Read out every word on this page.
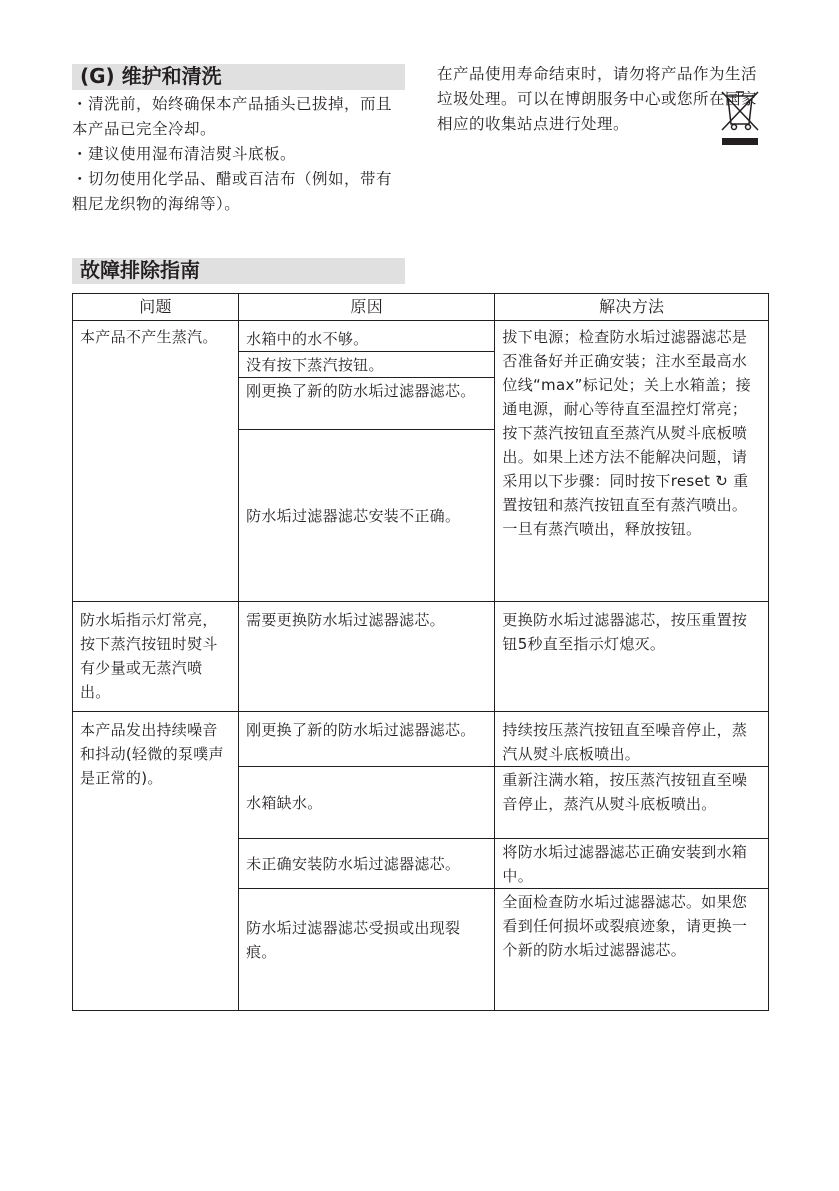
(G) 维护和清洗

・清洗前，始终确保本产品插头已拔掉，而且本产品已完全冷却。

・建议使用湿布清洁熨斗底板。

・切勿使用化学品、醋或百洁布（例如，带有粗尼龙织物的海绵等）。

在产品使用寿命结束时，请勿将产品作为生活垃圾处理。可以在博朗服务中心或您所在国家相应的收集站点进行处理。

故障排除指南
问题	原因	解决方法
本产品不产生蒸汽。	水箱中的水不够。	拔下电源；检查防水垢过滤器滤芯是否准备好并正确安装；注水至最高水位线“max”标记处；关上水箱盖；接通电源，耐心等待直至温控灯常亮；按下蒸汽按钮直至蒸汽从熨斗底板喷出。如果上述方法不能解决问题，请采用以下步骤：同时按下reset ↻ 重置按钮和蒸汽按钮直至有蒸汽喷出。一旦有蒸汽喷出，释放按钮。
	没有按下蒸汽按钮。	
	刚更换了新的防水垢过滤器滤芯。	
	防水垢过滤器滤芯安装不正确。	
防水垢指示灯常亮，按下蒸汽按钮时熨斗有少量或无蒸汽喷出。	需要更换防水垢过滤器滤芯。	更换防水垢过滤器滤芯，按压重置按钮5秒直至指示灯熄灭。
本产品发出持续噪音和抖动(轻微的泵噗声是正常的)。	刚更换了新的防水垢过滤器滤芯。	持续按压蒸汽按钮直至噪音停止，蒸汽从熨斗底板喷出。
	水箱缺水。	重新注满水箱，按压蒸汽按钮直至噪音停止，蒸汽从熨斗底板喷出。
	未正确安装防水垢过滤器滤芯。	将防水垢过滤器滤芯正确安装到水箱中。
	防水垢过滤器滤芯受损或出现裂痕。	全面检查防水垢过滤器滤芯。如果您看到任何损坏或裂痕迹象，请更换一个新的防水垢过滤器滤芯。
